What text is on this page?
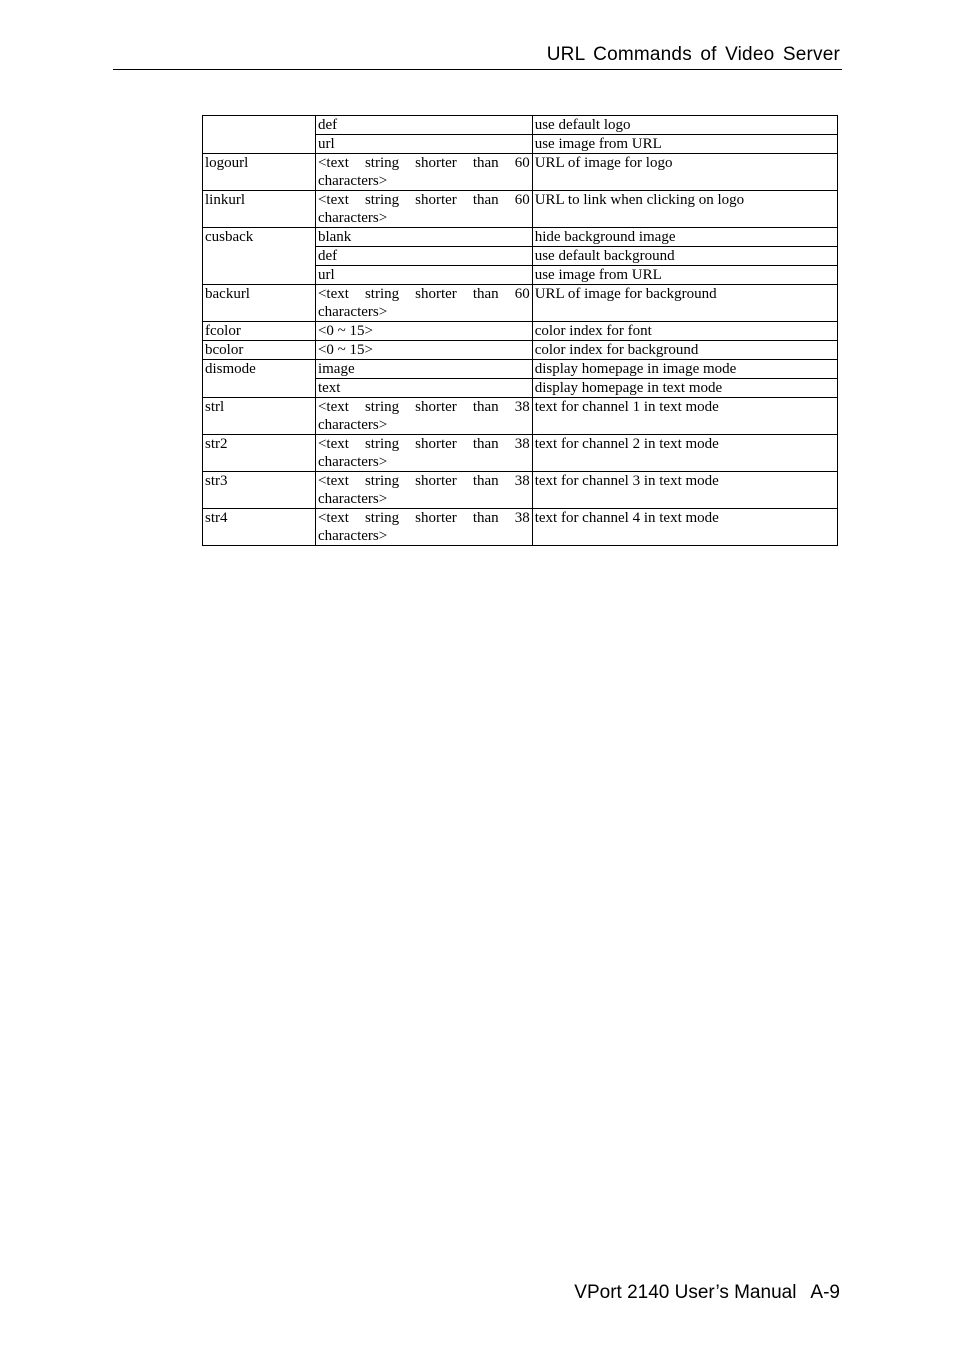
URL Commands of Video Server
	def	use default logo
	url	use image from URL
logourl	<text string shorter than 60 characters>	URL of image for logo
linkurl	<text string shorter than 60 characters>	URL to link when clicking on logo
cusback	blank	hide background image
	def	use default background
	url	use image from URL
backurl	<text string shorter than 60 characters>	URL of image for background
fcolor	<0 ~ 15>	color index for font
bcolor	<0 ~ 15>	color index for background
dismode	image	display homepage in image mode
	text	display homepage in text mode
strl	<text string shorter than 38 characters>	text for channel 1 in text mode
str2	<text string shorter than 38 characters>	text for channel 2 in text mode
str3	<text string shorter than 38 characters>	text for channel 3 in text mode
str4	<text string shorter than 38 characters>	text for channel 4 in text mode
VPort 2140 User’s Manual A-9
